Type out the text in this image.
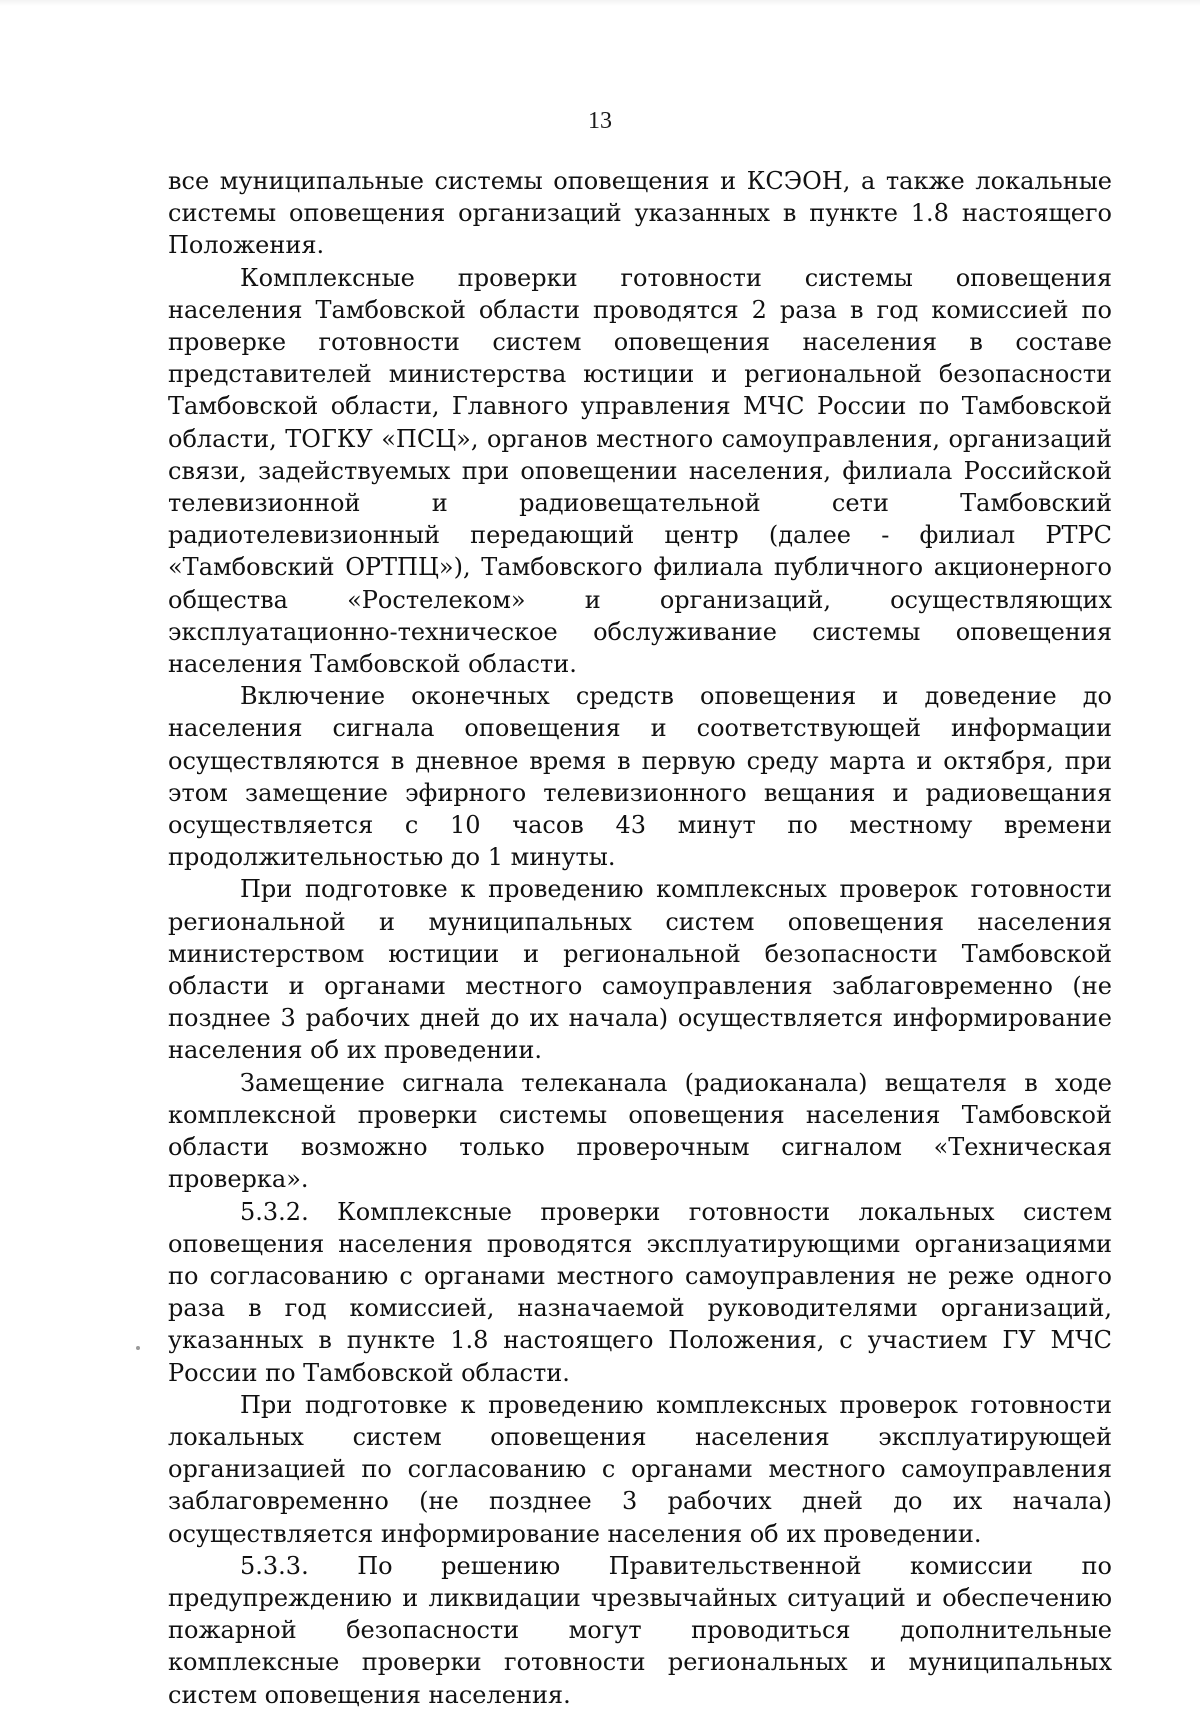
13

все муниципальные системы оповещения и КСЭОН, а также локальные системы оповещения организаций указанных в пункте 1.8 настоящего Положения.

Комплексные проверки готовности системы оповещения населения Тамбовской области проводятся 2 раза в год комиссией по проверке готовности систем оповещения населения в составе представителей министерства юстиции и региональной безопасности Тамбовской области, Главного управления МЧС России по Тамбовской области, ТОГКУ «ПСЦ», органов местного самоуправления, организаций связи, задействуемых при оповещении населения, филиала Российской телевизионной и радиовещательной сети Тамбовский радиотелевизионный передающий центр (далее - филиал РТРС «Тамбовский ОРТПЦ»), Тамбовского филиала публичного акционерного общества «Ростелеком» и организаций, осуществляющих эксплуатационно-техническое обслуживание системы оповещения населения Тамбовской области.

Включение оконечных средств оповещения и доведение до населения сигнала оповещения и соответствующей информации осуществляются в дневное время в первую среду марта и октября, при этом замещение эфирного телевизионного вещания и радиовещания осуществляется с 10 часов 43 минут по местному времени продолжительностью до 1 минуты.

При подготовке к проведению комплексных проверок готовности региональной и муниципальных систем оповещения населения министерством юстиции и региональной безопасности Тамбовской области и органами местного самоуправления заблаговременно (не позднее 3 рабочих дней до их начала) осуществляется информирование населения об их проведении.

Замещение сигнала телеканала (радиоканала) вещателя в ходе комплексной проверки системы оповещения населения Тамбовской области возможно только проверочным сигналом «Техническая проверка».

5.3.2. Комплексные проверки готовности локальных систем оповещения населения проводятся эксплуатирующими организациями по согласованию с органами местного самоуправления не реже одного раза в год комиссией, назначаемой руководителями организаций, указанных в пункте 1.8 настоящего Положения, с участием ГУ МЧС России по Тамбовской области.

При подготовке к проведению комплексных проверок готовности локальных систем оповещения населения эксплуатирующей организацией по согласованию с органами местного самоуправления заблаговременно (не позднее 3 рабочих дней до их начала) осуществляется информирование населения об их проведении.

5.3.3. По решению Правительственной комиссии по предупреждению и ликвидации чрезвычайных ситуаций и обеспечению пожарной безопасности могут проводиться дополнительные комплексные проверки готовности региональных и муниципальных систем оповещения населения.
